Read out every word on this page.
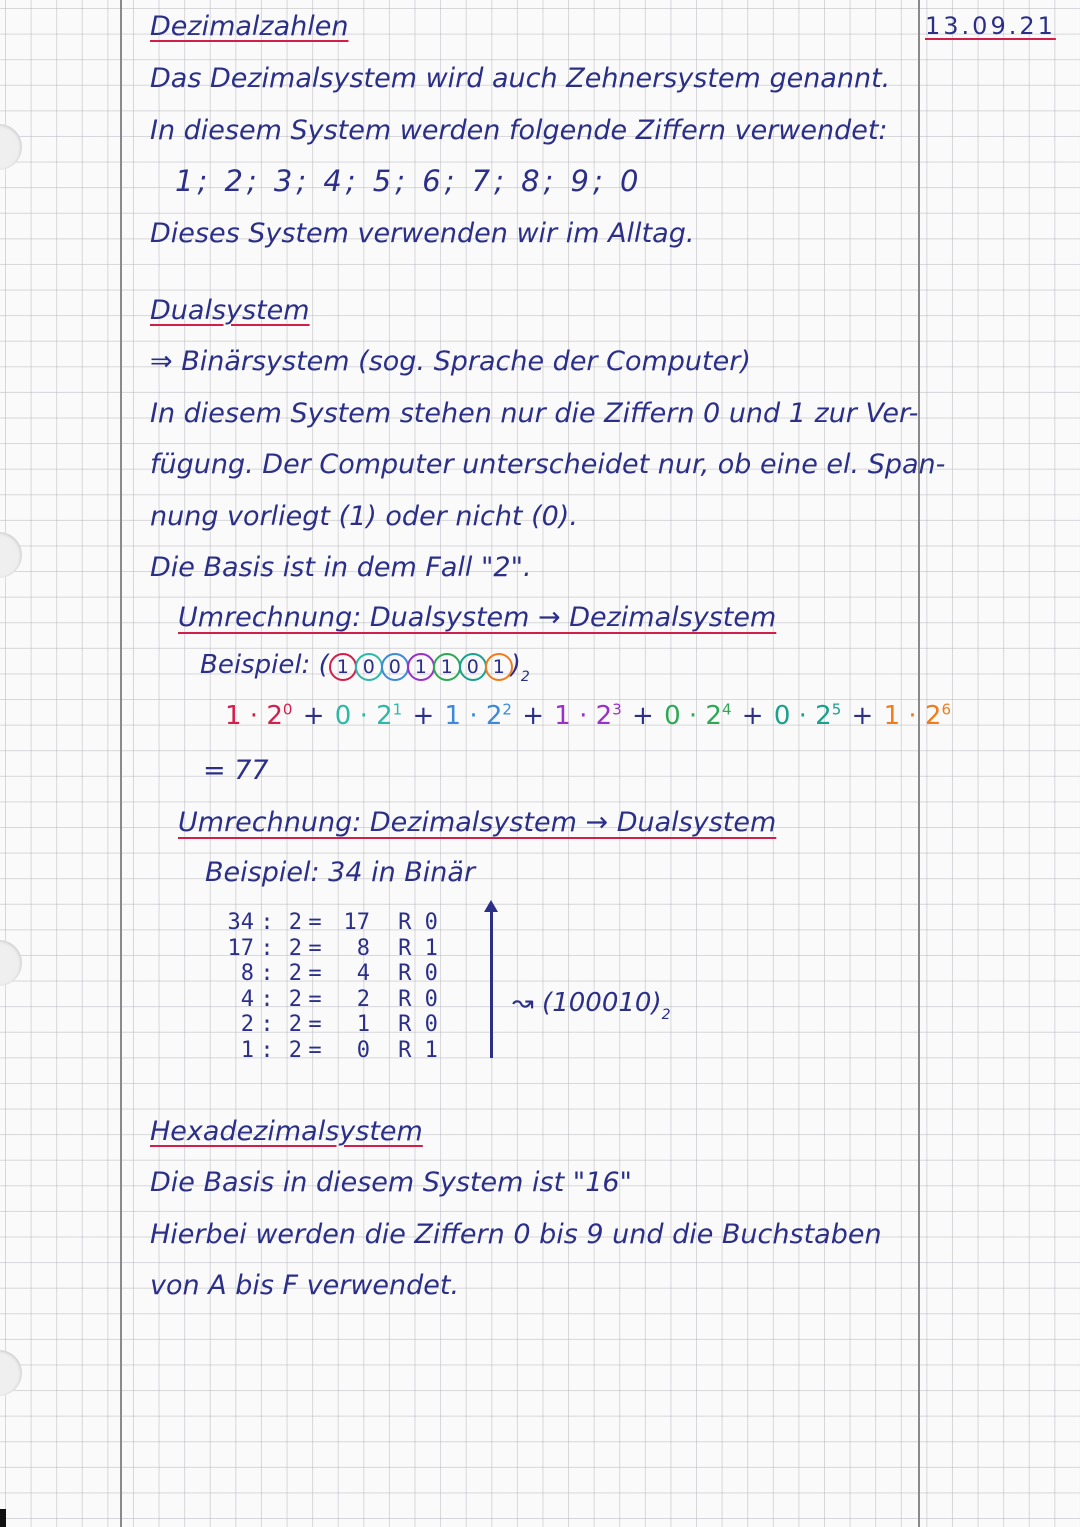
13.09.21
Dezimalzahlen
Das Dezimalsystem wird auch Zehnersystem genannt.
In diesem System werden folgende Ziffern verwendet:
1; 2; 3; 4; 5; 6; 7; 8; 9; 0
Dieses System verwenden wir im Alltag.
Dualsystem
⇒ Binärsystem (sog. Sprache der Computer)
In diesem System stehen nur die Ziffern 0 und 1 zur Ver-
fügung. Der Computer unterscheidet nur, ob eine el. Span-
nung vorliegt (1) oder nicht (0).
Die Basis ist in dem Fall "2".
Umrechnung: Dualsystem → Dezimalsystem
Beispiel: ( 1 0 0 1 1 0 1 )$_2$
$1 \cdot 2^0 + 0 \cdot 2^1 + 1 \cdot 2^2 + 1 \cdot 2^3 + 0 \cdot 2^4 + 0 \cdot 2^5 + 1 \cdot 2^6$
= 77
Umrechnung: Dezimalsystem → Dualsystem
Beispiel: 34 in Binär
34 : 2 = 17	R 0
17 : 2 =	8	R 1
8 : 2 =	4	R 0
4 : 2 =	2	R 0
2 : 2 =	1	R 0
1 : 2 =	0	R 1
↝ $(100010)_2$
Hexadezimalsystem
Die Basis in diesem System ist "16"
Hierbei werden die Ziffern 0 bis 9 und die Buchstaben
von A bis F verwendet.
